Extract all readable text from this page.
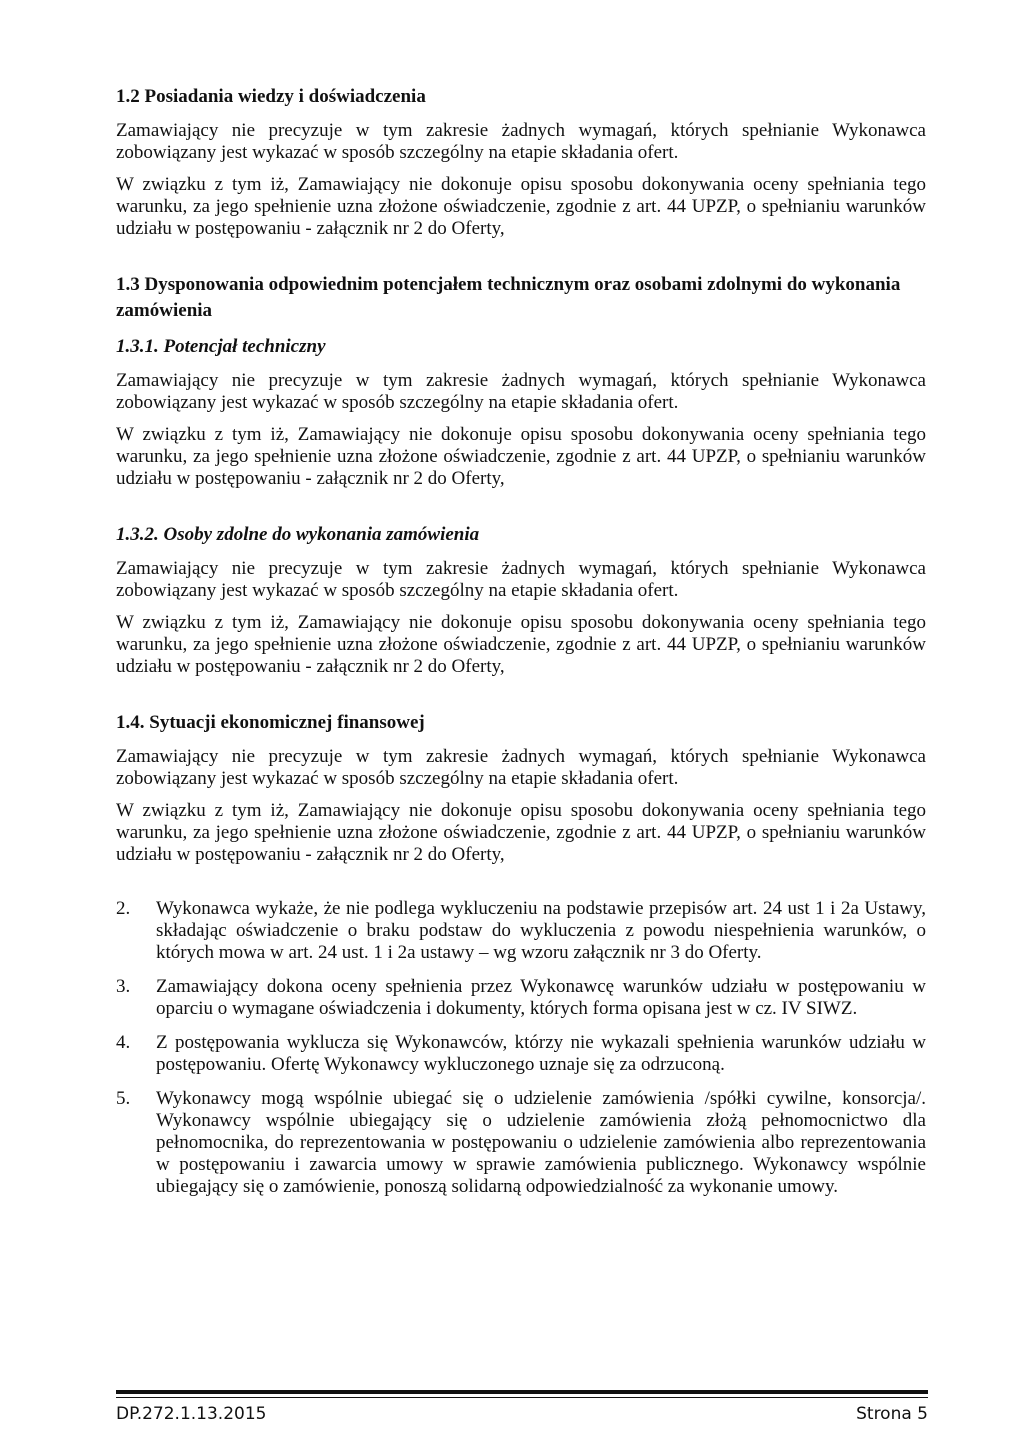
1.2 Posiadania wiedzy i doświadczenia

Zamawiający nie precyzuje w tym zakresie żadnych wymagań, których spełnianie Wykonawca zobowiązany jest wykazać w sposób szczególny na etapie składania ofert.

W związku z tym iż, Zamawiający nie dokonuje opisu sposobu dokonywania oceny spełniania tego warunku, za jego spełnienie uzna złożone oświadczenie, zgodnie z art. 44 UPZP, o spełnianiu warunków udziału w postępowaniu - załącznik nr 2 do Oferty,

1.3 Dysponowania odpowiednim potencjałem technicznym oraz osobami zdolnymi do wykonania zamówienia
1.3.1. Potencjał techniczny

Zamawiający nie precyzuje w tym zakresie żadnych wymagań, których spełnianie Wykonawca zobowiązany jest wykazać w sposób szczególny na etapie składania ofert.

W związku z tym iż, Zamawiający nie dokonuje opisu sposobu dokonywania oceny spełniania tego warunku, za jego spełnienie uzna złożone oświadczenie, zgodnie z art. 44 UPZP, o spełnianiu warunków udziału w postępowaniu - załącznik nr 2 do Oferty,

1.3.2. Osoby zdolne do wykonania zamówienia

Zamawiający nie precyzuje w tym zakresie żadnych wymagań, których spełnianie Wykonawca zobowiązany jest wykazać w sposób szczególny na etapie składania ofert.

W związku z tym iż, Zamawiający nie dokonuje opisu sposobu dokonywania oceny spełniania tego warunku, za jego spełnienie uzna złożone oświadczenie, zgodnie z art. 44 UPZP, o spełnianiu warunków udziału w postępowaniu - załącznik nr 2 do Oferty,

1.4. Sytuacji ekonomicznej finansowej

Zamawiający nie precyzuje w tym zakresie żadnych wymagań, których spełnianie Wykonawca zobowiązany jest wykazać w sposób szczególny na etapie składania ofert.

W związku z tym iż, Zamawiający nie dokonuje opisu sposobu dokonywania oceny spełniania tego warunku, za jego spełnienie uzna złożone oświadczenie, zgodnie z art. 44 UPZP, o spełnianiu warunków udziału w postępowaniu - załącznik nr 2 do Oferty,

2.	Wykonawca wykaże, że nie podlega wykluczeniu na podstawie przepisów art. 24 ust 1 i 2a Ustawy, składając oświadczenie o braku podstaw do wykluczenia z powodu niespełnienia warunków, o których mowa w art. 24 ust. 1 i 2a ustawy – wg wzoru załącznik nr 3 do Oferty.
3.	Zamawiający dokona oceny spełnienia przez Wykonawcę warunków udziału w postępowaniu w oparciu o wymagane oświadczenia i dokumenty, których forma opisana jest w cz. IV SIWZ.
4.	Z postępowania wyklucza się Wykonawców, którzy nie wykazali spełnienia warunków udziału w postępowaniu. Ofertę Wykonawcy wykluczonego uznaje się za odrzuconą.
5.	Wykonawcy mogą wspólnie ubiegać się o udzielenie zamówienia /spółki cywilne, konsorcja/. Wykonawcy wspólnie ubiegający się o udzielenie zamówienia złożą pełnomocnictwo dla pełnomocnika, do reprezentowania w postępowaniu o udzielenie zamówienia albo reprezentowania w postępowaniu i zawarcia umowy w sprawie zamówienia publicznego. Wykonawcy wspólnie ubiegający się o zamówienie, ponoszą solidarną odpowiedzialność za wykonanie umowy.
DP.272.1.13.2015	Strona 5
